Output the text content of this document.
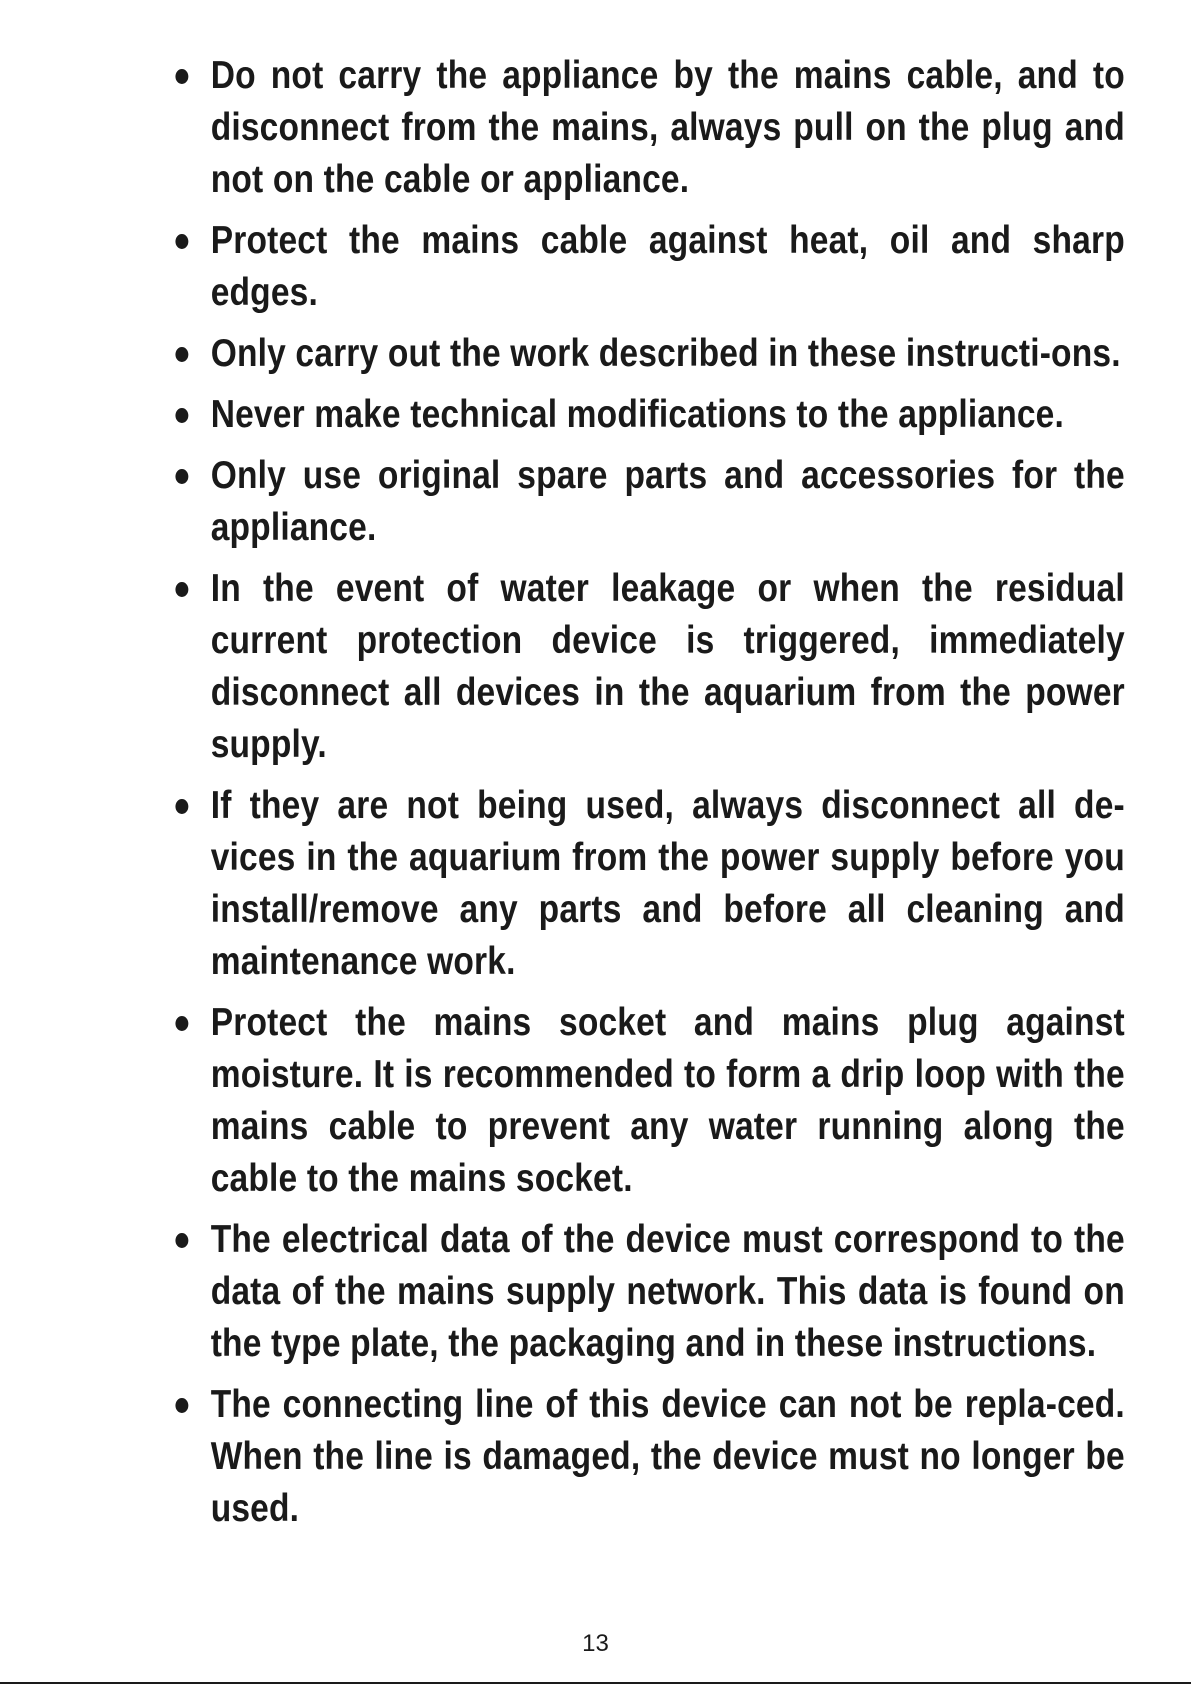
Do not carry the appliance by the mains cable, and to disconnect from the mains, always pull on the plug and not on the cable or appliance.
Protect the mains cable against heat, oil and sharp edges.
Only carry out the work described in these instructi-ons.
Never make technical modifications to the appliance.
Only use original spare parts and accessories for the appliance.
In the event of water leakage or when the residual current protection device is triggered, immediately disconnect all devices in the aquarium from the power supply.
If they are not being used, always disconnect all de-vices in the aquarium from the power supply before you install/remove any parts and before all cleaning and maintenance work.
Protect the mains socket and mains plug against moisture. It is recommended to form a drip loop with the mains cable to prevent any water running along the cable to the mains socket.
The electrical data of the device must correspond to the data of the mains supply network. This data is found on the type plate, the packaging and in these instructions.
The connecting line of this device can not be repla-ced. When the line is damaged, the device must no longer be used.
13
